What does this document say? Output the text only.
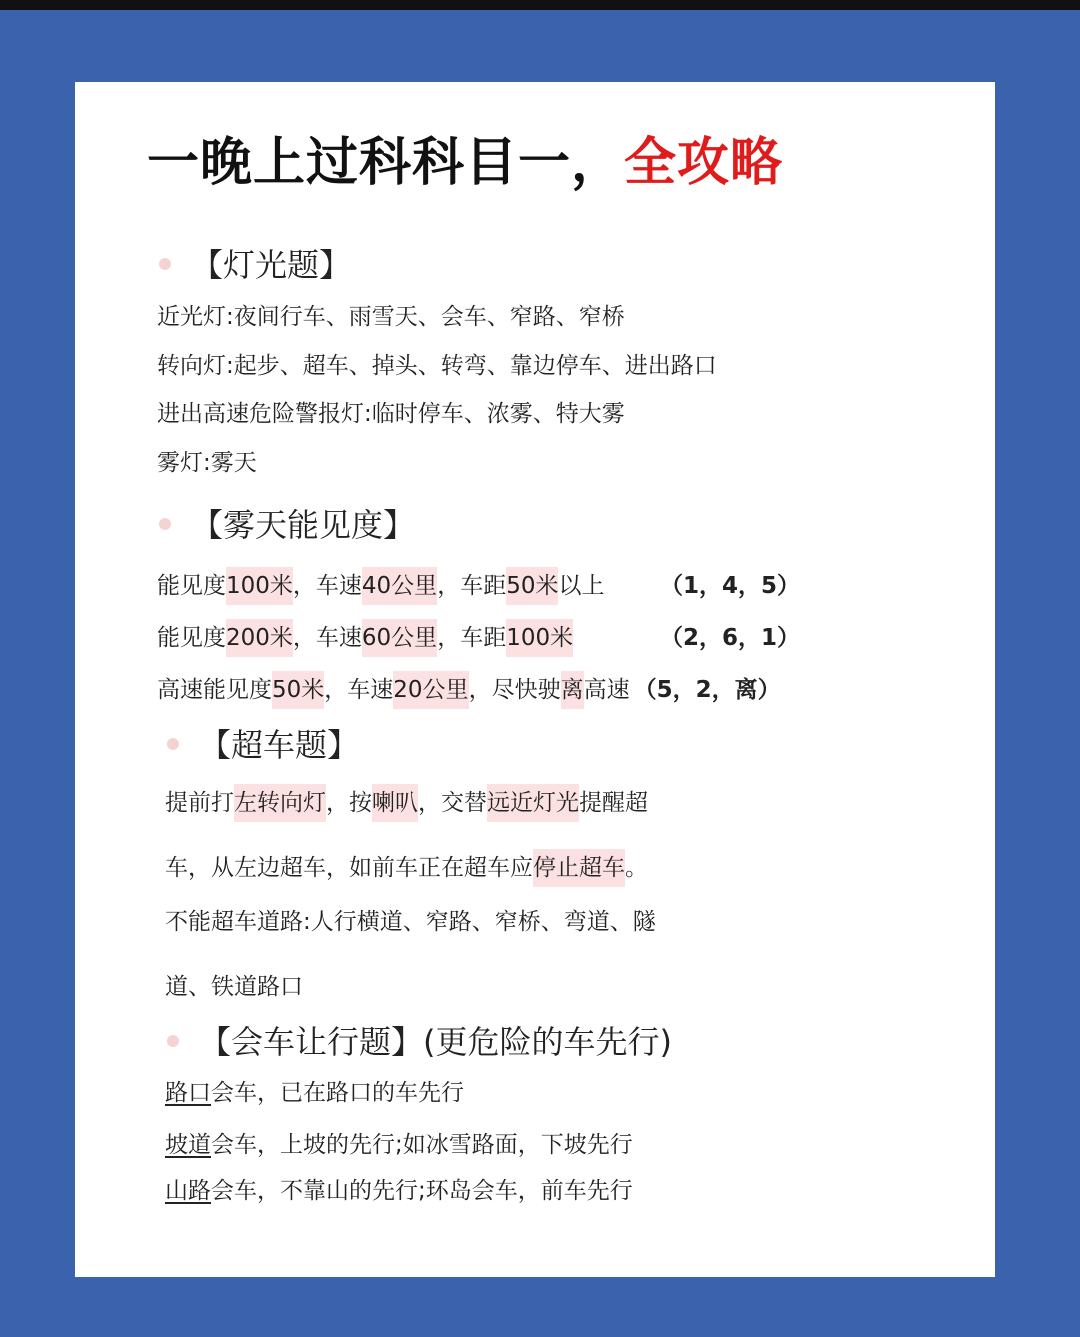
一晚上过科科目一，全攻略
【灯光题】

近光灯:夜间行车、雨雪天、会车、窄路、窄桥

转向灯:起步、超车、掉头、转弯、靠边停车、进出路口

进出高速危险警报灯:临时停车、浓雾、特大雾

雾灯:雾天

【雾天能见度】

能见度100米，车速40公里，车距50米以上 （1，4，5）

能见度200米，车速60公里，车距100米	（2，6，1）

高速能见度50米，车速20公里，尽快驶离高速 （5，2，离）

【超车题】

提前打左转向灯，按喇叭，交替远近灯光提醒超

车，从左边超车，如前车正在超车应停止超车。

不能超车道路:人行横道、窄路、窄桥、弯道、隧

道、铁道路口

【会车让行题】(更危险的车先行)

路口会车，已在路口的车先行

坡道会车，上坡的先行;如冰雪路面，下坡先行

山路会车，不靠山的先行;环岛会车，前车先行
